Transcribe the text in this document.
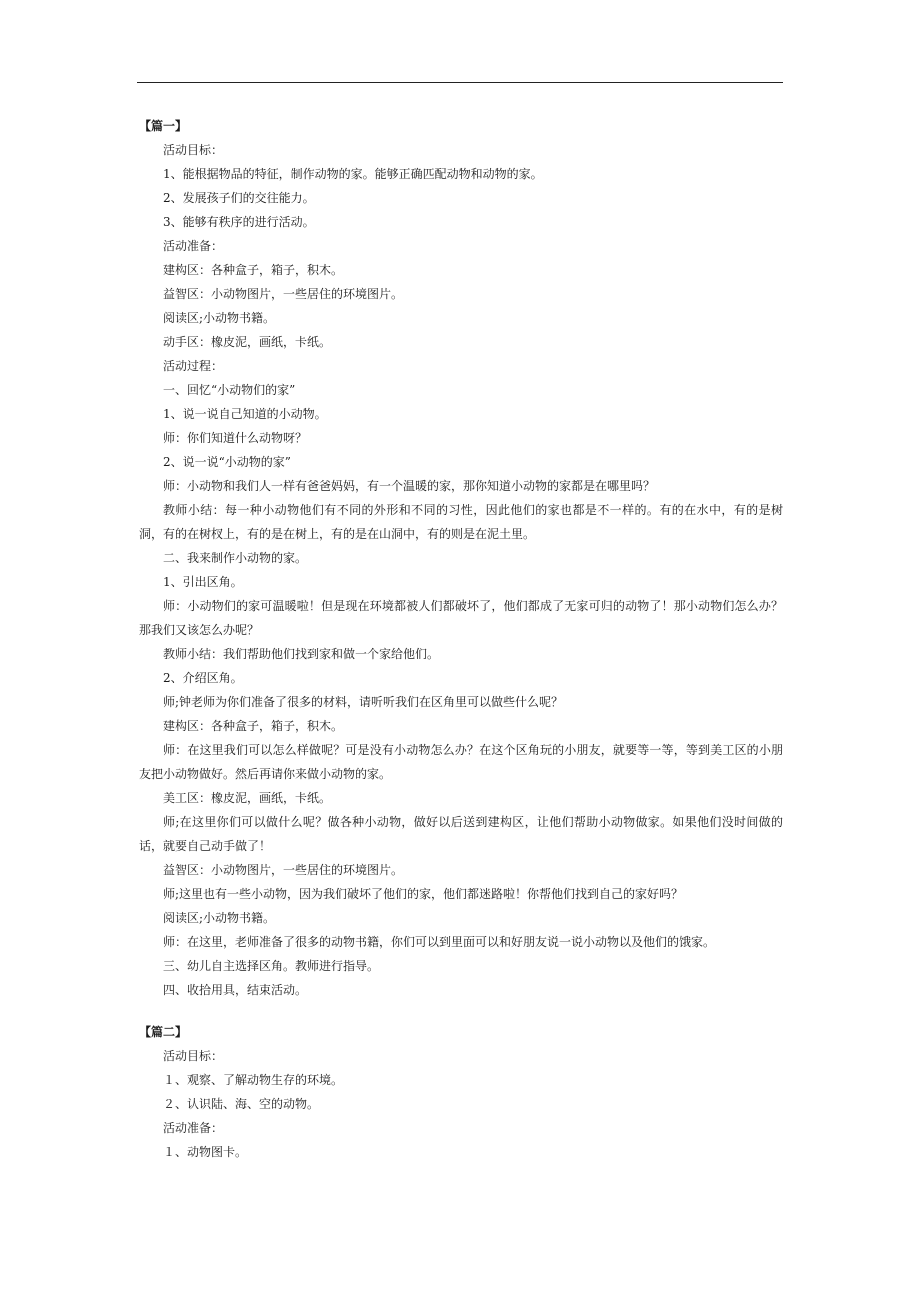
【篇一】
活动目标：
1、能根据物品的特征，制作动物的家。能够正确匹配动物和动物的家。
2、发展孩子们的交往能力。
3、能够有秩序的进行活动。
活动准备：
建构区：各种盒子，箱子，积木。
益智区：小动物图片，一些居住的环境图片。
阅读区;小动物书籍。
动手区：橡皮泥，画纸，卡纸。
活动过程：
一、回忆“小动物们的家”
1、说一说自己知道的小动物。
师：你们知道什么动物呀？
2、说一说“小动物的家”
师：小动物和我们人一样有爸爸妈妈，有一个温暖的家，那你知道小动物的家都是在哪里吗？
教师小结：每一种小动物他们有不同的外形和不同的习性，因此他们的家也都是不一样的。有的在水中，有的是树洞，有的在树杈上，有的是在树上，有的是在山洞中，有的则是在泥土里。
二、我来制作小动物的家。
1、引出区角。
师：小动物们的家可温暖啦！但是现在环境都被人们都破坏了，他们都成了无家可归的动物了！那小动物们怎么办？那我们又该怎么办呢？
教师小结：我们帮助他们找到家和做一个家给他们。
2、介绍区角。
师;钟老师为你们准备了很多的材料，请听听我们在区角里可以做些什么呢？
建构区：各种盒子，箱子，积木。
师：在这里我们可以怎么样做呢？可是没有小动物怎么办？在这个区角玩的小朋友，就要等一等，等到美工区的小朋友把小动物做好。然后再请你来做小动物的家。
美工区：橡皮泥，画纸，卡纸。
师;在这里你们可以做什么呢？做各种小动物，做好以后送到建构区，让他们帮助小动物做家。如果他们没时间做的话，就要自己动手做了！
益智区：小动物图片，一些居住的环境图片。
师;这里也有一些小动物，因为我们破坏了他们的家，他们都迷路啦！你帮他们找到自己的家好吗？
阅读区;小动物书籍。
师：在这里，老师准备了很多的动物书籍，你们可以到里面可以和好朋友说一说小动物以及他们的饿家。
三、幼儿自主选择区角。教师进行指导。
四、收拾用具，结束活动。
【篇二】
活动目标：
１、观察、了解动物生存的环境。
２、认识陆、海、空的动物。
活动准备：
１、动物图卡。
